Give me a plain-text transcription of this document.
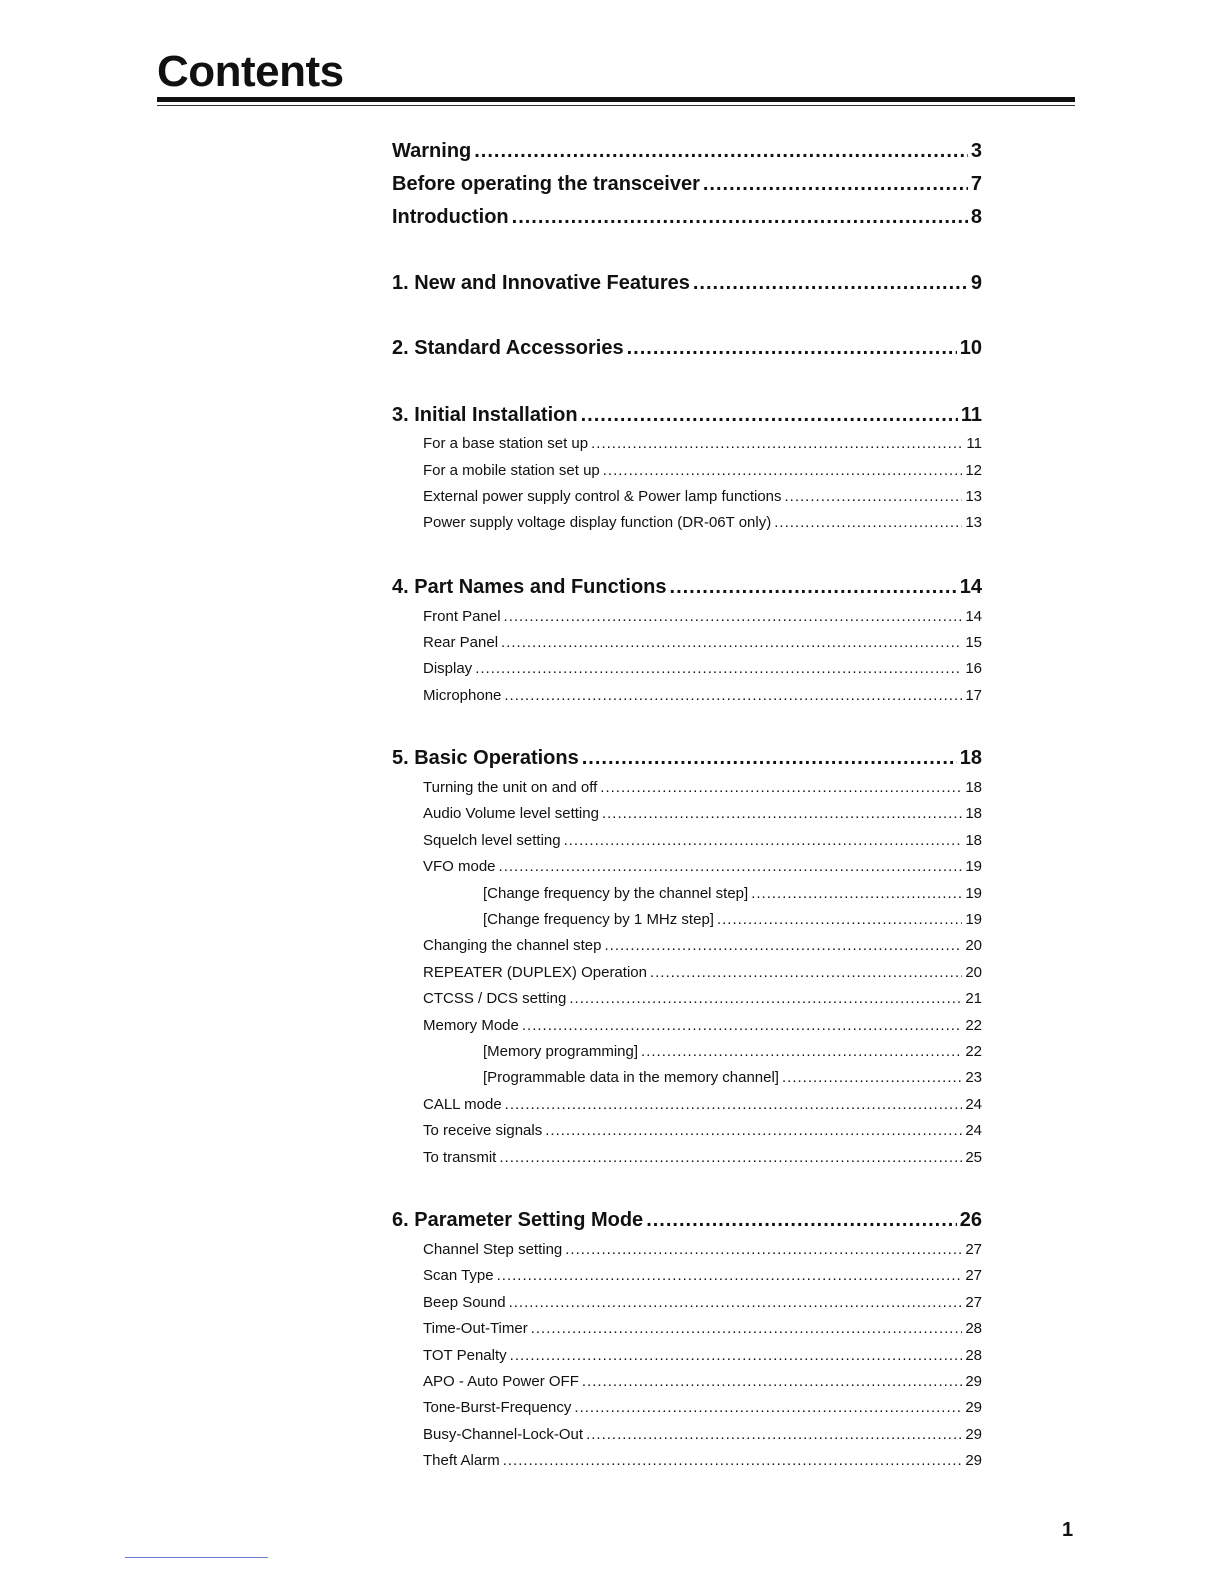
Contents
Warning .....	3
Before operating the transceiver .....	7
Introduction .....	8
1. New and Innovative Features .....	9
2. Standard Accessories .....	10
3. Initial Installation .....	11
For a base station set up .....	11
For a mobile station set up .....	12
External power supply control & Power lamp functions .....	13
Power supply voltage display function (DR-06T only) .....	13
4. Part Names and Functions .....	14
Front Panel .....	14
Rear Panel .....	15
Display .....	16
Microphone .....	17
5. Basic Operations .....	18
Turning the unit on and off .....	18
Audio Volume level setting .....	18
Squelch level setting .....	18
VFO mode .....	19
[Change frequency by the channel step] .....	19
[Change frequency by 1 MHz step] .....	19
Changing the channel step .....	20
REPEATER (DUPLEX) Operation .....	20
CTCSS / DCS setting .....	21
Memory Mode .....	22
[Memory programming] .....	22
[Programmable data in the memory channel] .....	23
CALL mode .....	24
To receive signals .....	24
To transmit .....	25
6. Parameter Setting Mode .....	26
Channel Step setting .....	27
Scan Type .....	27
Beep Sound .....	27
Time-Out-Timer .....	28
TOT Penalty .....	28
APO - Auto Power OFF .....	29
Tone-Burst-Frequency .....	29
Busy-Channel-Lock-Out .....	29
Theft Alarm .....	29
1
